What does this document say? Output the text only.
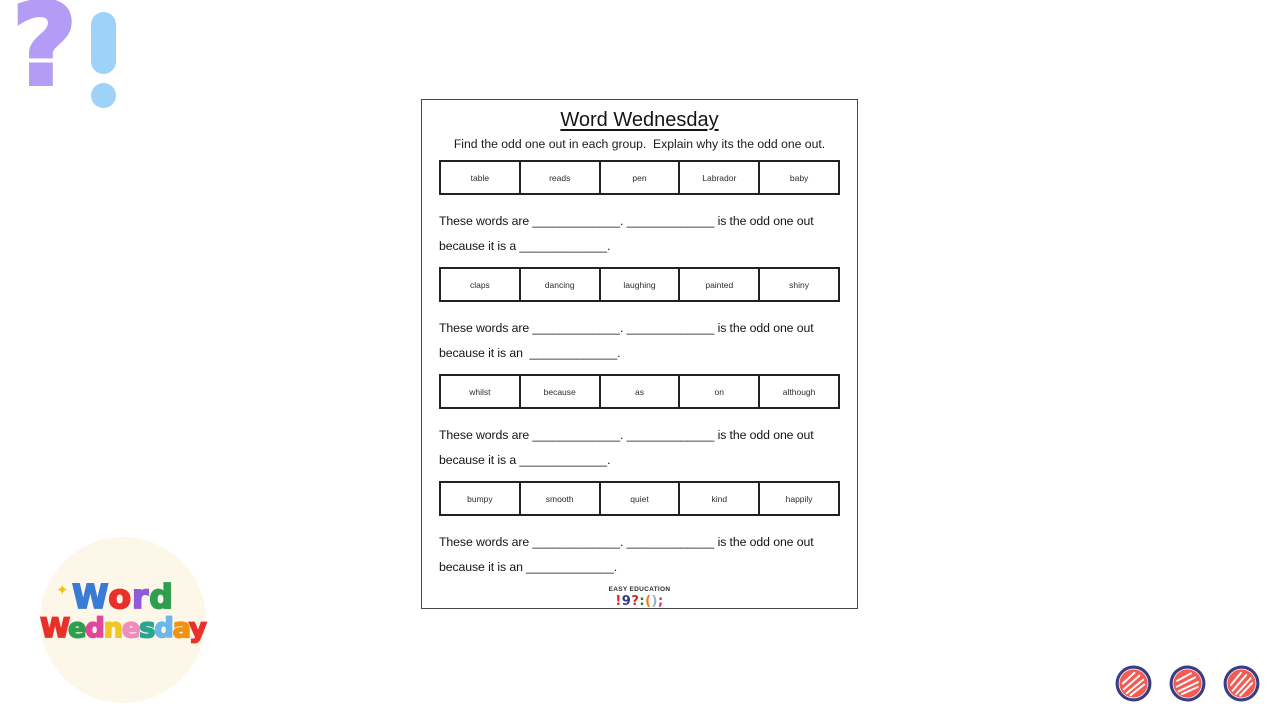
?
Word Wednesday
Find the odd one out in each group.  Explain why its the odd one out.
table	reads	pen	Labrador	baby

These words are _____________. _____________ is the odd one out
because it is a _____________.

claps	dancing	laughing	painted	shiny

These words are _____________. _____________ is the odd one out
because it is an  _____________.

whilst	because	as	on	although

These words are _____________. _____________ is the odd one out
because it is a _____________.

bumpy	smooth	quiet	kind	happily

These words are _____________. _____________ is the odd one out
because it is an _____________.

EASY EDUCATION
!9?:();
✦ Word
Wednesday
